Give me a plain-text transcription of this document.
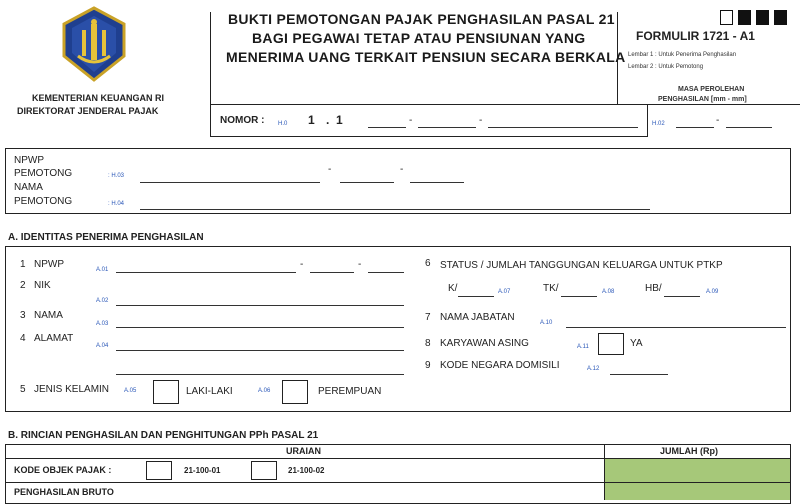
KEMENTERIAN KEUANGAN RI
DIREKTORAT JENDERAL PAJAK
BUKTI PEMOTONGAN PAJAK PENGHASILAN PASAL 21
BAGI PEGAWAI TETAP ATAU PENSIUNAN YANG
MENERIMA UANG TERKAIT PENSIUN SECARA BERKALA
FORMULIR 1721 - A1
Lembar 1 : Untuk Penerima Penghasilan
Lembar 2 : Untuk Pemotong
MASA PEROLEHAN
PENGHASILAN [mm - mm]
NOMOR : H.0 1 . 1	-	-	H.02	-
NPWP
PEMOTONG	: H.03
-	-
NAMA
PEMOTONG	: H.04
A. IDENTITAS PENERIMA PENGHASILAN
1 NPWP	A.01	-	-
2 NIK
A.02
3 NAMA
A.03
4 ALAMAT
A.04
5 JENIS KELAMIN A.05	LAKI-LAKI	A.06	PEREMPUAN
6 STATUS / JUMLAH TANGGUNGAN KELUARGA UNTUK PTKP
K/	A.07	TK/	A.08	HB/	A.09
7 NAMA JABATAN	A.10
8 KARYAWAN ASING	A.11	YA
9 KODE NEGARA DOMISILI	A.12
B. RINCIAN PENGHASILAN DAN PENGHITUNGAN PPh PASAL 21
URAIAN	JUMLAH (Rp)
KODE OBJEK PAJAK :	21-100-01	21-100-02
PENGHASILAN BRUTO
